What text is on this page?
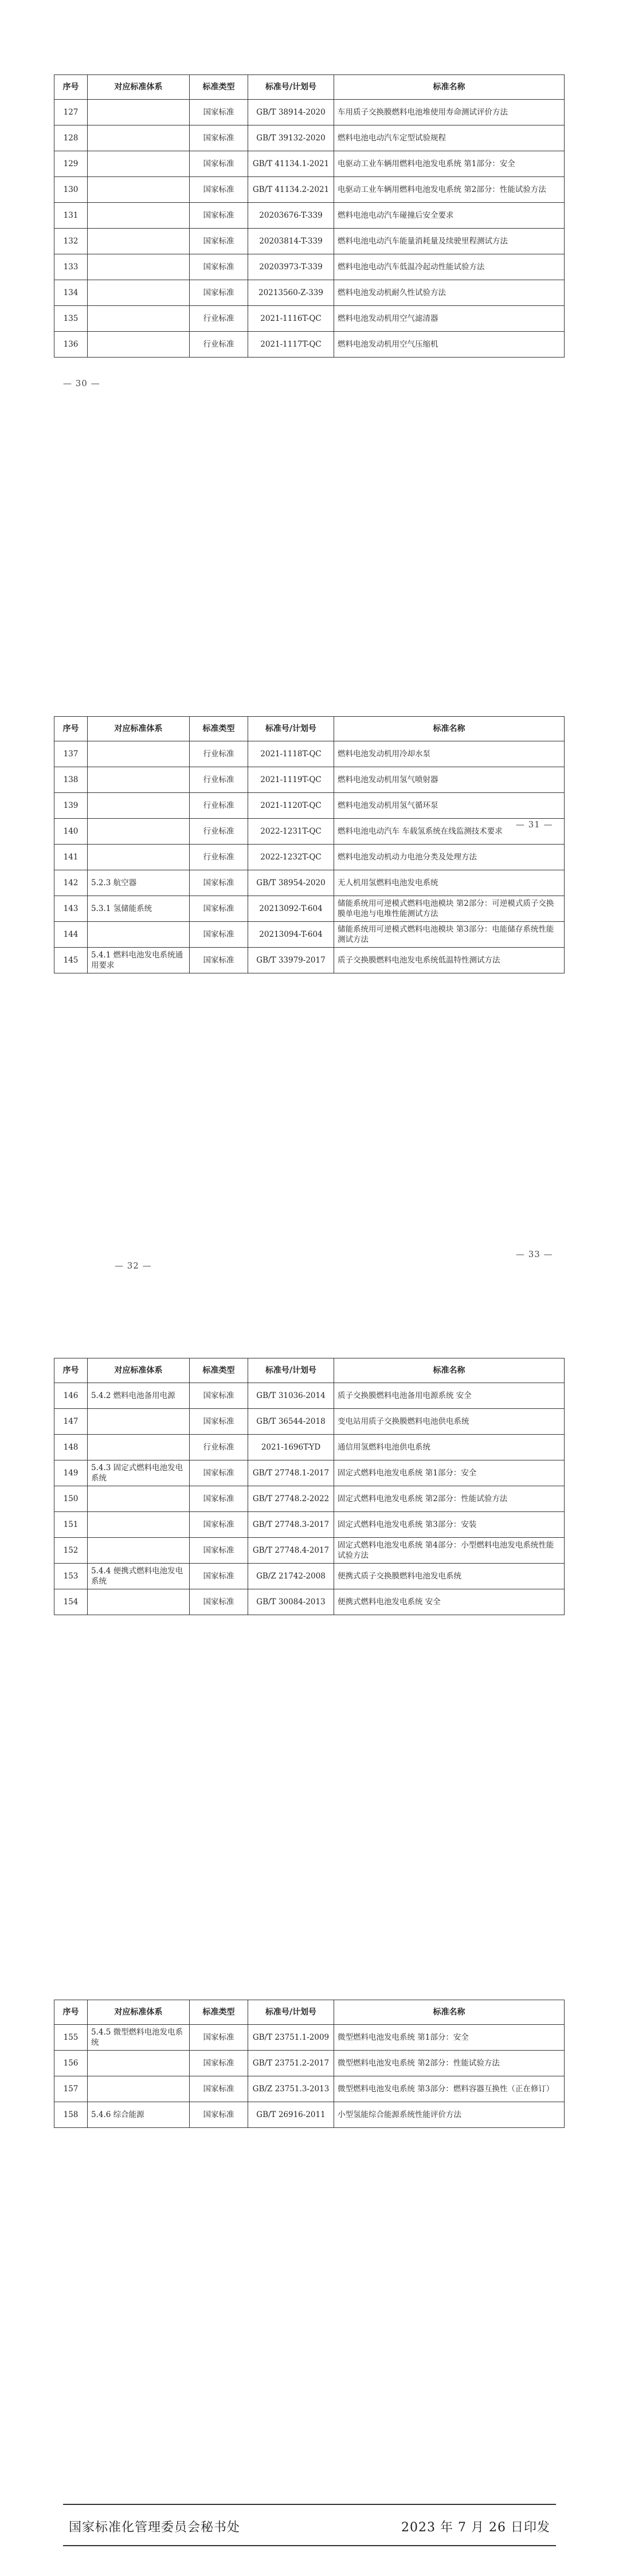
序号	对应标准体系	标准类型	标准号/计划号	标准名称
127		国家标准	GB/T 38914-2020	车用质子交换膜燃料电池堆使用寿命测试评价方法
128		国家标准	GB/T 39132-2020	燃料电池电动汽车定型试验规程
129		国家标准	GB/T 41134.1-2021	电驱动工业车辆用燃料电池发电系统 第1部分：安全
130		国家标准	GB/T 41134.2-2021	电驱动工业车辆用燃料电池发电系统 第2部分：性能试验方法
131		国家标准	20203676-T-339	燃料电池电动汽车碰撞后安全要求
132		国家标准	20203814-T-339	燃料电池电动汽车能量消耗量及续驶里程测试方法
133		国家标准	20203973-T-339	燃料电池电动汽车低温冷起动性能试验方法
134		国家标准	20213560-Z-339	燃料电池发动机耐久性试验方法
135		行业标准	2021-1116T-QC	燃料电池发动机用空气滤清器
136		行业标准	2021-1117T-QC	燃料电池发动机用空气压缩机
— 30 —
序号	对应标准体系	标准类型	标准号/计划号	标准名称
137		行业标准	2021-1118T-QC	燃料电池发动机用冷却水泵
138		行业标准	2021-1119T-QC	燃料电池发动机用氢气喷射器
139		行业标准	2021-1120T-QC	燃料电池发动机用氢气循环泵
140		行业标准	2022-1231T-QC	燃料电池电动汽车 车载氢系统在线监测技术要求
141		行业标准	2022-1232T-QC	燃料电池发动机动力电池分类及处理方法
142	5.2.3 航空器	国家标准	GB/T 38954-2020	无人机用氢燃料电池发电系统
143	5.3.1 氢储能系统	国家标准	20213092-T-604	储能系统用可逆模式燃料电池模块 第2部分：可逆模式质子交换膜单电池与电堆性能测试方法
144		国家标准	20213094-T-604	储能系统用可逆模式燃料电池模块 第3部分：电能储存系统性能测试方法
145	5.4.1 燃料电池发电系统通用要求	国家标准	GB/T 33979-2017	质子交换膜燃料电池发电系统低温特性测试方法
— 31 —
序号	对应标准体系	标准类型	标准号/计划号	标准名称
146	5.4.2 燃料电池备用电源	国家标准	GB/T 31036-2014	质子交换膜燃料电池备用电源系统 安全
147		国家标准	GB/T 36544-2018	变电站用质子交换膜燃料电池供电系统
148		行业标准	2021-1696T-YD	通信用氢燃料电池供电系统
149	5.4.3 固定式燃料电池发电系统	国家标准	GB/T 27748.1-2017	固定式燃料电池发电系统 第1部分：安全
150		国家标准	GB/T 27748.2-2022	固定式燃料电池发电系统 第2部分：性能试验方法
151		国家标准	GB/T 27748.3-2017	固定式燃料电池发电系统 第3部分：安装
152		国家标准	GB/T 27748.4-2017	固定式燃料电池发电系统 第4部分：小型燃料电池发电系统性能试验方法
153	5.4.4 便携式燃料电池发电系统	国家标准	GB/Z 21742-2008	便携式质子交换膜燃料电池发电系统
154		国家标准	GB/T 30084-2013	便携式燃料电池发电系统 安全
— 32 —
序号	对应标准体系	标准类型	标准号/计划号	标准名称
155	5.4.5 微型燃料电池发电系统	国家标准	GB/T 23751.1-2009	微型燃料电池发电系统 第1部分：安全
156		国家标准	GB/T 23751.2-2017	微型燃料电池发电系统 第2部分：性能试验方法
157		国家标准	GB/Z 23751.3-2013	微型燃料电池发电系统 第3部分：燃料容器互换性（正在修订）
158	5.4.6 综合能源	国家标准	GB/T 26916-2011	小型氢能综合能源系统性能评价方法
国家标准化管理委员会秘书处	2023 年 7 月 26 日印发
— 33 —
